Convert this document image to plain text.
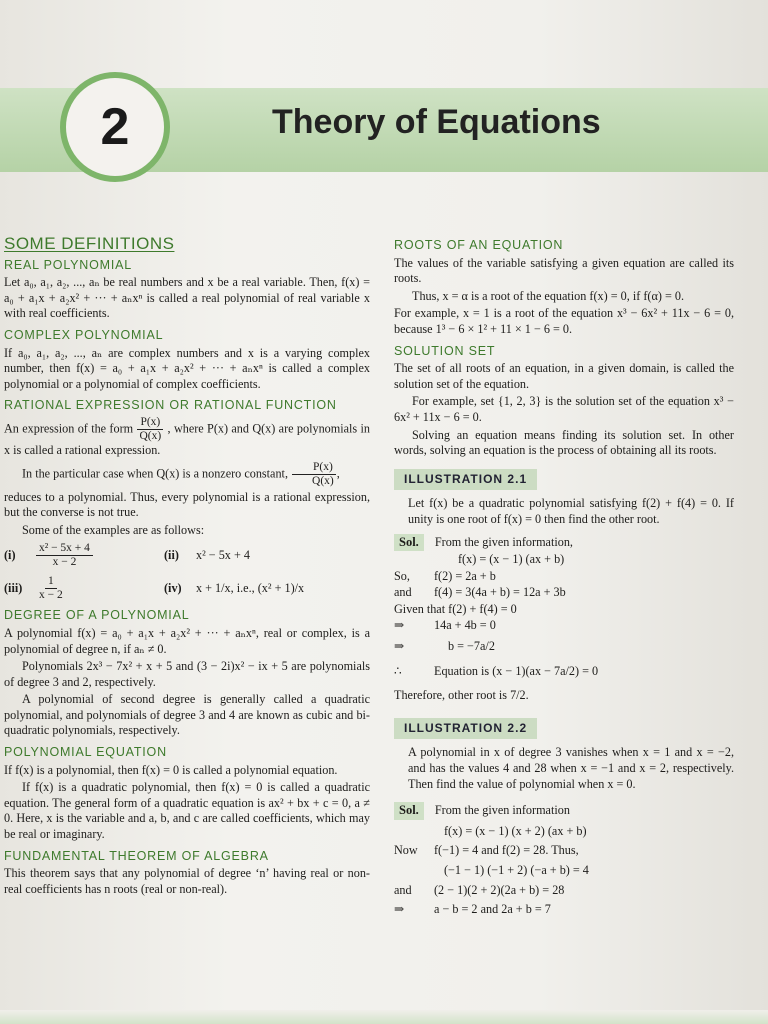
2	Theory of Equations
SOME DEFINITIONS
REAL POLYNOMIAL

Let a₀, a₁, a₂, ..., aₙ be real numbers and x be a real variable. Then, f(x) = a₀ + a₁x + a₂x² + ··· + aₙxⁿ is called a real polynomial of real variable x with real coefficients.

COMPLEX POLYNOMIAL

If a₀, a₁, a₂, ..., aₙ are complex numbers and x is a varying complex number, then f(x) = a₀ + a₁x + a₂x² + ··· + aₙxⁿ is called a complex polynomial or a polynomial of complex coefficients.

RATIONAL EXPRESSION OR RATIONAL FUNCTION

An expression of the form $\frac{P(x)}{Q(x)}$ , where P(x) and Q(x) are polynomials in x is called a rational expression.

In the particular case when Q(x) is a nonzero constant, $\frac{P(x)}{Q(x)}$ ,

reduces to a polynomial. Thus, every polynomial is a rational expression, but the converse is not true.

Some of the examples are as follows:

(i)	$\frac{\text{x² − 5x + 4}}{x - 2}$	(ii)	x² − 5x + 4
(iii)	$\frac{1}{x - 2}$	(iv)	x + 1/x, i.e., (x² + 1)/x
DEGREE OF A POLYNOMIAL

A polynomial f(x) = a₀ + a₁x + a₂x² + ··· + aₙxⁿ, real or complex, is a polynomial of degree n, if aₙ ≠ 0.

Polynomials 2x³ − 7x² + x + 5 and (3 − 2i)x² − ix + 5 are polynomials of degree 3 and 2, respectively.

A polynomial of second degree is generally called a quadratic polynomial, and polynomials of degree 3 and 4 are known as cubic and bi-quadratic polynomials, respectively.

POLYNOMIAL EQUATION

If f(x) is a polynomial, then f(x) = 0 is called a polynomial equation.

If f(x) is a quadratic polynomial, then f(x) = 0 is called a quadratic equation. The general form of a quadratic equation is ax² + bx + c = 0, a ≠ 0. Here, x is the variable and a, b, and c are called coefficients, which may be real or imaginary.

FUNDAMENTAL THEOREM OF ALGEBRA

This theorem says that any polynomial of degree ‘n’ having real or non-real coefficients has n roots (real or non-real).

ROOTS OF AN EQUATION

The values of the variable satisfying a given equation are called its roots.

Thus, x = α is a root of the equation f(x) = 0, if f(α) = 0.

For example, x = 1 is a root of the equation x³ − 6x² + 11x − 6 = 0, because 1³ − 6 × 1² + 11 × 1 − 6 = 0.

SOLUTION SET

The set of all roots of an equation, in a given domain, is called the solution set of the equation.

For example, set {1, 2, 3} is the solution set of the equation x³ − 6x² + 11x − 6 = 0.

Solving an equation means finding its solution set. In other words, solving an equation is the process of obtaining all its roots.

ILLUSTRATION 2.1

Let f(x) be a quadratic polynomial satisfying f(2) + f(4) = 0. If unity is one root of f(x) = 0 then find the other root.

Sol. From the given information,
f(x) = (x − 1) (ax + b)
So,	f(2) = 2a + b
and	f(4) = 3(4a + b) = 12a + 3b
Given that f(2) + f(4) = 0
⇒	14a + 4b = 0
⇒	b = −7a/2
∴	Equation is (x − 1)(ax − 7a/2) = 0

Therefore, other root is 7/2.

ILLUSTRATION 2.2

A polynomial in x of degree 3 vanishes when x = 1 and x = −2, and has the values 4 and 28 when x = −1 and x = 2, respectively. Then find the value of polynomial when x = 0.

Sol. From the given information
f(x) = (x − 1) (x + 2) (ax + b)
Now	f(−1) = 4 and f(2) = 28. Thus,
(−1 − 1) (−1 + 2) (−a + b) = 4
and	(2 − 1)(2 + 2)(2a + b) = 28
⇒	a − b = 2 and 2a + b = 7
